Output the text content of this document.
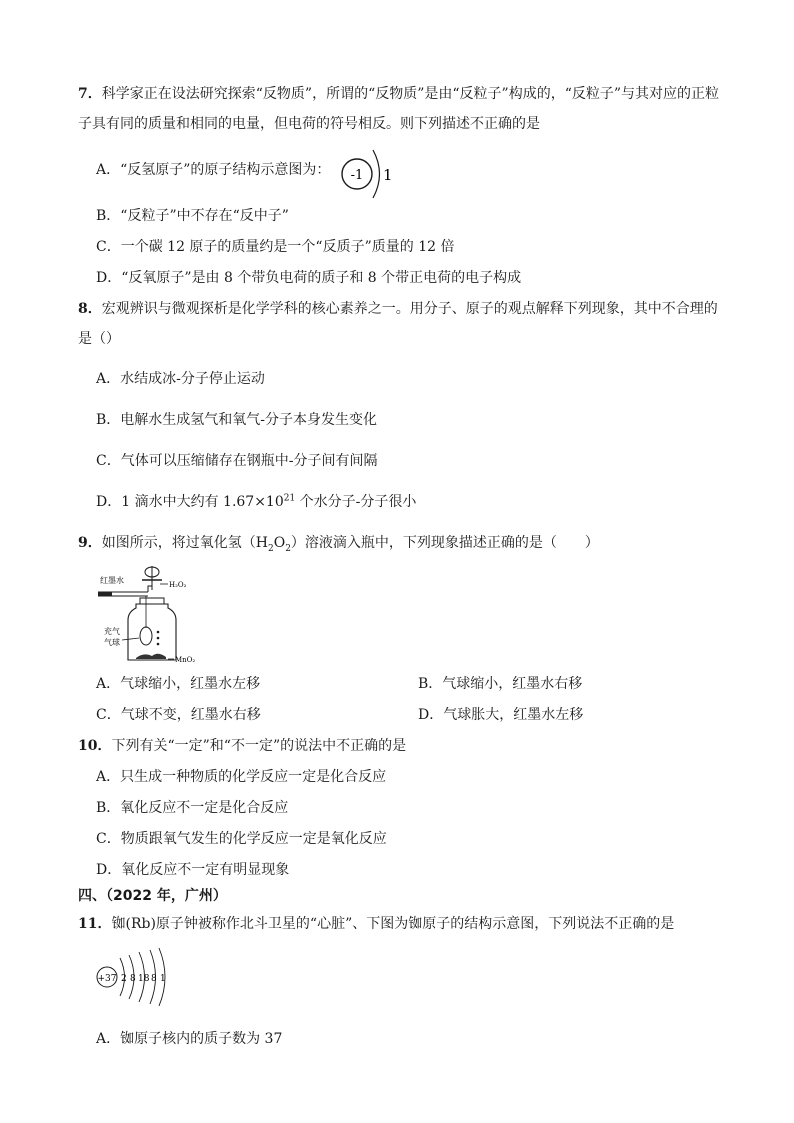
7．科学家正在设法研究探索“反物质”，所谓的“反物质”是由“反粒子”构成的，“反粒子”与其对应的正粒
子具有同的质量和相同的电量，但电荷的符号相反。则下列描述不正确的是
A．“反氢原子”的原子结构示意图为： -1 1
B．“反粒子”中不存在“反中子”
C．一个碳 12 原子的质量约是一个“反质子”质量的 12 倍
D．“反氧原子”是由 8 个带负电荷的质子和 8 个带正电荷的电子构成
8．宏观辨识与微观探析是化学学科的核心素养之一。用分子、原子的观点解释下列现象，其中不合理的
是（）
A．水结成冰-分子停止运动
B．电解水生成氢气和氧气-分子本身发生变化
C．气体可以压缩储存在钢瓶中-分子间有间隔
D．1 滴水中大约有 $1.67\times 10^{21}$ 个水分子-分子很小
9．如图所示，将过氧化氢$(H_2O_2)$溶液滴入瓶中，下列现象描述正确的是（　　）
红墨水	H₂O₂
充气
气球
MnO₂
A．气球缩小，红墨水左移	B．气球缩小，红墨水右移
C．气球不变，红墨水右移	D．气球胀大，红墨水左移
10．下列有关“一定”和“不一定”的说法中不正确的是
A．只生成一种物质的化学反应一定是化合反应
B．氧化反应不一定是化合反应
C．物质跟氧气发生的化学反应一定是氧化反应
D．氧化反应不一定有明显现象
四、（2022 年，广州）
11．铷(Rb)原子钟被称作北斗卫星的“心脏”、下图为铷原子的结构示意图，下列说法不正确的是
+37 2 8 18 8 1
A．铷原子核内的质子数为 37
